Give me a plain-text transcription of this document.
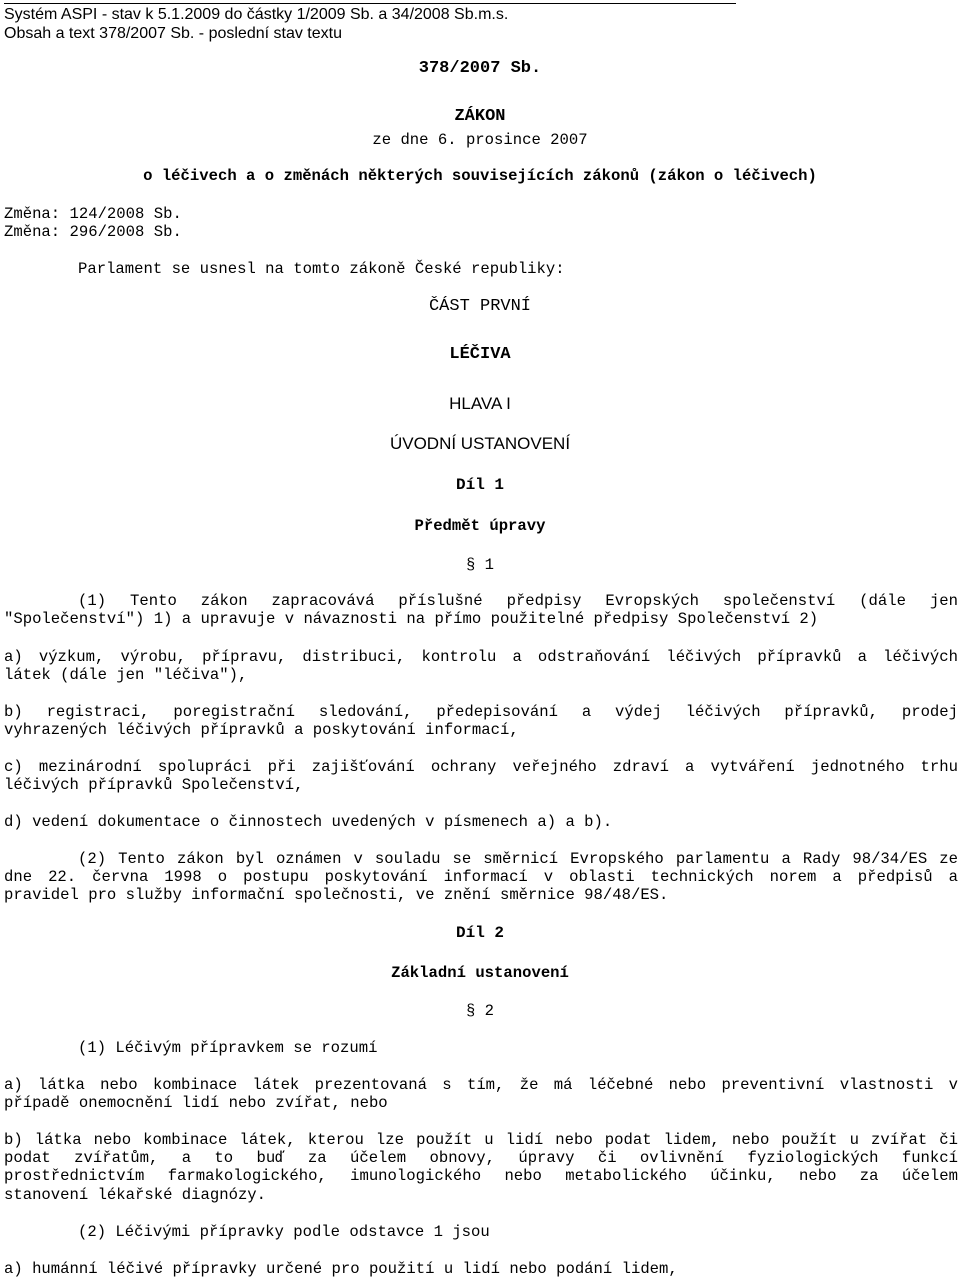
Systém ASPI - stav k 5.1.2009 do částky 1/2009 Sb. a 34/2008 Sb.m.s.
Obsah a text 378/2007 Sb. - poslední stav textu
378/2007 Sb.
ZÁKON
ze dne 6. prosince 2007
o léčivech a o změnách některých souvisejících zákonů (zákon o léčivech)
Změna: 124/2008 Sb.
Změna: 296/2008 Sb.
Parlament se usnesl na tomto zákoně České republiky:
ČÁST PRVNÍ
LÉČIVA
HLAVA I
ÚVODNÍ USTANOVENÍ
Díl 1
Předmět úpravy
§ 1
(1) Tento zákon zapracovává příslušné předpisy Evropských společenství (dále jen
"Společenství") 1) a upravuje v návaznosti na přímo použitelné předpisy Společenství 2)
a) výzkum, výrobu, přípravu, distribuci, kontrolu a odstraňování léčivých přípravků a léčivých
látek (dále jen "léčiva"),
b) registraci, poregistrační sledování, předepisování a výdej léčivých přípravků, prodej
vyhrazených léčivých přípravků a poskytování informací,
c) mezinárodní spolupráci při zajišťování ochrany veřejného zdraví a vytváření jednotného trhu
léčivých přípravků Společenství,
d) vedení dokumentace o činnostech uvedených v písmenech a) a b).
(2) Tento zákon byl oznámen v souladu se směrnicí Evropského parlamentu a Rady 98/34/ES ze
dne 22. června 1998 o postupu poskytování informací v oblasti technických norem a předpisů a
pravidel pro služby informační společnosti, ve znění směrnice 98/48/ES.
Díl 2
Základní ustanovení
§ 2
(1) Léčivým přípravkem se rozumí
a) látka nebo kombinace látek prezentovaná s tím, že má léčebné nebo preventivní vlastnosti v
případě onemocnění lidí nebo zvířat, nebo
b) látka nebo kombinace látek, kterou lze použít u lidí nebo podat lidem, nebo použít u zvířat či
podat zvířatům, a to buď za účelem obnovy, úpravy či ovlivnění fyziologických funkcí
prostřednictvím farmakologického, imunologického nebo metabolického účinku, nebo za účelem
stanovení lékařské diagnózy.
(2) Léčivými přípravky podle odstavce 1 jsou
a) humánní léčivé přípravky určené pro použití u lidí nebo podání lidem,
